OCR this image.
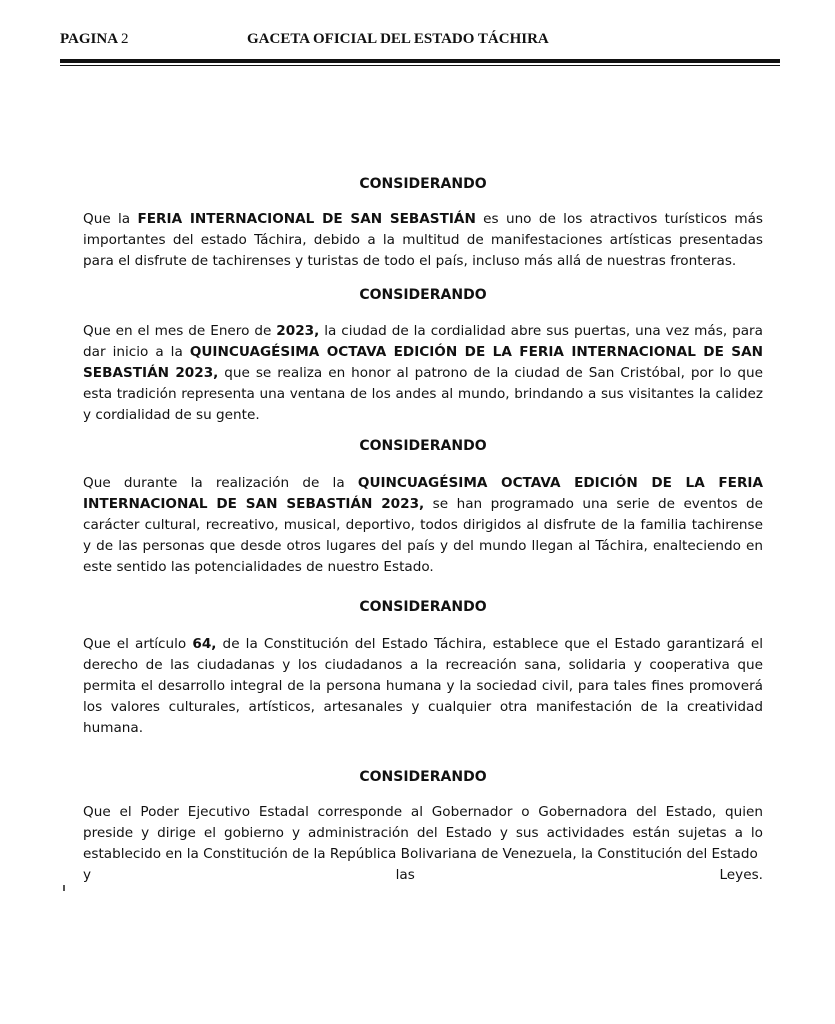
PAGINA 2	GACETA OFICIAL DEL ESTADO TÁCHIRA
CONSIDERANDO

Que la FERIA INTERNACIONAL DE SAN SEBASTIÁN es uno de los atractivos turísticos más importantes del estado Táchira, debido a la multitud de manifestaciones artísticas presentadas para el disfrute de tachirenses y turistas de todo el país, incluso más allá de nuestras fronteras.

CONSIDERANDO

Que en el mes de Enero de 2023, la ciudad de la cordialidad abre sus puertas, una vez más, para dar inicio a la QUINCUAGÉSIMA OCTAVA EDICIÓN DE LA FERIA INTERNACIONAL DE SAN SEBASTIÁN 2023, que se realiza en honor al patrono de la ciudad de San Cristóbal, por lo que esta tradición representa una ventana de los andes al mundo, brindando a sus visitantes la calidez y cordialidad de su gente.

CONSIDERANDO

Que durante la realización de la QUINCUAGÉSIMA OCTAVA EDICIÓN DE LA FERIA INTERNACIONAL DE SAN SEBASTIÁN 2023, se han programado una serie de eventos de carácter cultural, recreativo, musical, deportivo, todos dirigidos al disfrute de la familia tachirense y de las personas que desde otros lugares del país y del mundo llegan al Táchira, enalteciendo en este sentido las potencialidades de nuestro Estado.

CONSIDERANDO

Que el artículo 64, de la Constitución del Estado Táchira, establece que el Estado garantizará el derecho de las ciudadanas y los ciudadanos a la recreación sana, solidaria y cooperativa que permita el desarrollo integral de la persona humana y la sociedad civil, para tales fines promoverá los valores culturales, artísticos, artesanales y cualquier otra manifestación de la creatividad humana.

CONSIDERANDO

Que el Poder Ejecutivo Estadal corresponde al Gobernador o Gobernadora del Estado, quien preside y dirige el gobierno y administración del Estado y sus actividades están sujetas a lo establecido en la Constitución de la República Bolivariana de Venezuela, la Constitución del Estado

y	las	Leyes.
